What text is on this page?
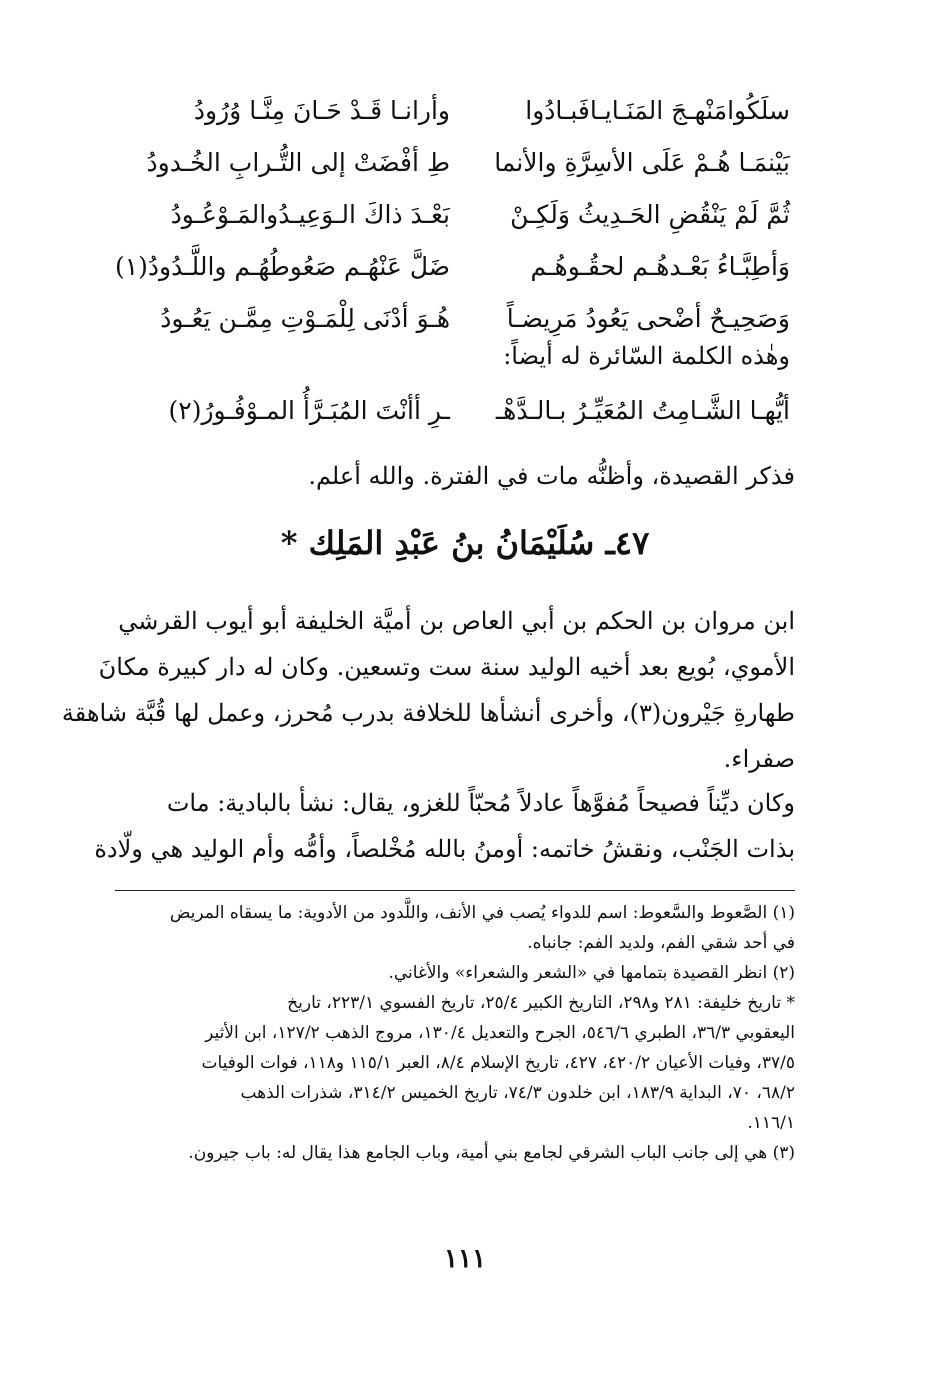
سلَكُوامَنْهـجَ المَنَـايـافَبـادُوا
وأرانـا قَـدْ حَـانَ مِنَّـا وُرُودُ
بَيْنمَـا هُـمْ عَلَى الأسِرَّةِ والأنما
طِ أفْضَتْ إلى التُّـرابِ الخُـدودُ
ثُمَّ لَمْ يَنْقُضِ الحَـدِيثُ وَلَكِـنْ
بَعْـدَ ذاكَ الـوَعِيـدُوالمَـوْعُـودُ
وَأطِبَّـاءُ بَعْـدهُـم لحقُـوهُـم
ضَلَّ عَنْهُـم صَعُوطُهُـم واللَّـدُودُ(١)
وَصَحِيـحٌ أضْحى يَعُودُ مَرِيضـاً
هُـوَ أدْنَى لِلْمَـوْتِ مِمَّـن يَعُـودُ
وهٰذه الكلمة السّائرة له أيضاً:
أيُّهـا الشَّـامِتُ المُعَيِّـرُ بـالـدَّهْـ
ـرِ أأنْتَ المُبَـرَّأُ المـوْفُـورُ(٢)
فذكر القصيدة، وأظنُّه مات في الفترة. والله أعلم.
٤٧ـ سُلَيْمَانُ بنُ عَبْدِ المَلِك *
ابن مروان بن الحكم بن أبي العاص بن أميَّة الخليفة أبو أيوب القرشي
الأموي، بُويع بعد أخيه الوليد سنة ست وتسعين. وكان له دار كبيرة مكانَ
طهارةِ جَيْرون(٣)، وأخرى أنشأها للخلافة بدرب مُحرز، وعمل لها قُبَّة شاهقة
صفراء.
وكان ديِّناً فصيحاً مُفوَّهاً عادلاً مُحبّاً للغزو، يقال: نشأ بالبادية: مات
بذات الجَنْب، ونقشُ خاتمه: أومنُ بالله مُخْلصاً، وأمُّه وأم الوليد هي ولّادة
(١) الصَّعوط والسَّعوط: اسم للدواء يُصب في الأنف، واللَّدود من الأدوية: ما يسقاه المريض
في أحد شقي الفم، ولديد الفم: جانباه.
(٢) انظر القصيدة بتمامها في «الشعر والشعراء» والأغاني.
* تاريخ خليفة: ٢٨١ و٢٩٨، التاريخ الكبير ٢٥/٤، تاريخ الفسوي ٢٢٣/١، تاريخ
اليعقوبي ٣٦/٣، الطبري ٥٤٦/٦، الجرح والتعديل ١٣٠/٤، مروج الذهب ١٢٧/٢، ابن الأثير
٣٧/٥، وفيات الأعيان ٤٢٠/٢، ٤٢٧، تاريخ الإسلام ٨/٤، العبر ١١٥/١ و١١٨، فوات الوفيات
٦٨/٢، ٧٠، البداية ١٨٣/٩، ابن خلدون ٧٤/٣، تاريخ الخميس ٣١٤/٢، شذرات الذهب
١١٦/١.
(٣) هي إلى جانب الباب الشرقي لجامع بني أمية، وباب الجامع هذا يقال له: باب جيرون.
١١١
